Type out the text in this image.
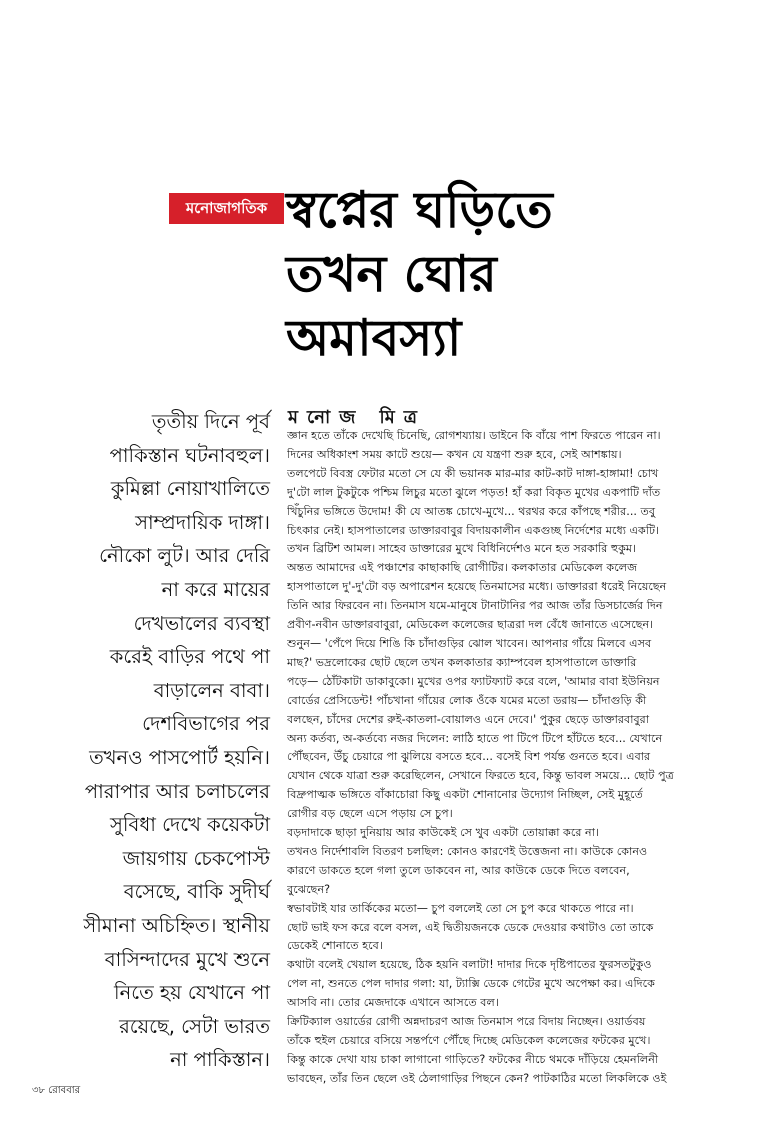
মনোজাগতিক স্বপ্নের ঘড়িতে
তখন ঘোর
অমাবস্যা
তৃতীয় দিনে পূর্ব
পাকিস্তান ঘটনাবহুল।
কুমিল্লা নোয়াখালিতে
সাম্প্রদায়িক দাঙ্গা।
নৌকো লুট। আর দেরি
না করে মায়ের
দেখভালের ব্যবস্থা
করেই বাড়ির পথে পা
বাড়ালেন বাবা।
দেশবিভাগের পর
তখনও পাসপোর্ট হয়নি।
পারাপার আর চলাচলের
সুবিধা দেখে কয়েকটা
জায়গায় চেকপোস্ট
বসেছে, বাকি সুদীর্ঘ
সীমানা অচিহ্নিত। স্থানীয়
বাসিন্দাদের মুখে শুনে
নিতে হয় যেখানে পা
রয়েছে, সেটা ভারত
না পাকিস্তান।
মনোজ মিত্র
জ্ঞান হতে তাঁকে দেখেছি চিনেছি, রোগশয্যায়। ডাইনে কি বাঁয়ে পাশ ফিরতে পারেন না।
দিনের অধিকাংশ সময় কাটে শুয়ে— কখন যে যন্ত্রণা শুরু হবে, সেই আশঙ্কায়।
তলপেটে বিবস্ত্র ফেটার মতো সে যে কী ভয়ানক মার-মার কাট-কাট দাঙ্গা-হাঙ্গামা! চোখ
দু'টো লাল টুকটুকে পশ্চিম লিচুর মতো ঝুলে পড়ত! হাঁ করা বিকৃত মুখের একপাটি দাঁত
খিঁচুনির ভঙ্গিতে উদোম! কী যে আতঙ্ক চোখে-মুখে... থরথর করে কাঁপছে শরীর... তবু
চিৎকার নেই। হাসপাতালের ডাক্তারবাবুর বিদায়কালীন একগুচ্ছ নির্দেশের মধ্যে একটি।
তখন ব্রিটিশ আমল। সাহেব ডাক্তারের মুখে বিধিনির্দেশও মনে হত সরকারি হুকুম।
অন্তত আমাদের এই পঞ্চাশের কাছাকাছি রোগীটির। কলকাতার মেডিকেল কলেজ
হাসপাতালে দু'-দু'টো বড় অপারেশন হয়েছে তিনমাসের মধ্যে। ডাক্তাররা ধরেই নিয়েছেন
তিনি আর ফিরবেন না। তিনমাস যমে-মানুষে টানাটানির পর আজ তাঁর ডিসচার্জের দিন
প্রবীণ-নবীন ডাক্তারবাবুরা, মেডিকেল কলেজের ছাত্ররা দল বেঁধে জানাতে এসেছেন।
শুনুন— 'পেঁপে দিয়ে শিঙি কি চাঁদাগুড়ির ঝোল খাবেন। আপনার গাঁয়ে মিলবে এসব
মাছ?' ভদ্রলোকের ছোট ছেলে তখন কলকাতার ক্যাম্পবেল হাসপাতালে ডাক্তারি
পড়ে— ঠোঁটকাটা ডাকাবুকো। মুখের ওপর ফ্যাটফ্যাট করে বলে, 'আমার বাবা ইউনিয়ন
বোর্ডের প্রেসিডেন্ট! পাঁচখানা গাঁয়ের লোক ওঁকে যমের মতো ডরায়— চাঁদাগুড়ি কী
বলছেন, চাঁদের দেশের রুই-কাতলা-বোয়ালও এনে দেবে।' পুকুর ছেড়ে ডাক্তারবাবুরা
অন্য কর্তব্য, অ-কর্তব্যে নজর দিলেন: লাঠি হাতে পা টিপে টিপে হাঁটতে হবে... যেখানে
পৌঁছবেন, উঁচু চেয়ারে পা ঝুলিয়ে বসতে হবে... বসেই বিশ পর্যন্ত গুনতে হবে। এবার
যেখান থেকে যাত্রা শুরু করেছিলেন, সেখানে ফিরতে হবে, কিন্তু ভাবল সময়ে... ছোট পুত্র
বিদ্রুপাত্মক ভঙ্গিতে বাঁকাচোরা কিছু একটা শোনানোর উদ্যোগ নিচ্ছিল, সেই মুহূর্তে
রোগীর বড় ছেলে এসে পড়ায় সে চুপ।
বড়দাদাকে ছাড়া দুনিয়ায় আর কাউকেই সে খুব একটা তোয়াক্কা করে না।
তখনও নির্দেশাবলি বিতরণ চলছিল: কোনও কারণেই উত্তেজনা না। কাউকে কোনও
কারণে ডাকতে হলে গলা তুলে ডাকবেন না, আর কাউকে ডেকে দিতে বলবেন,
বুঝেছেন?
স্বভাবটাই যার তার্কিকের মতো— চুপ বললেই তো সে চুপ করে থাকতে পারে না।
ছোট ভাই ফস করে বলে বসল, এই দ্বিতীয়জনকে ডেকে দেওয়ার কথাটাও তো তাকে
ডেকেই শোনাতে হবে।
কথাটা বলেই খেয়াল হয়েছে, ঠিক হয়নি বলাটা! দাদার দিকে দৃষ্টিপাতের ফুরসতটুকুও
পেল না, শুনতে পেল দাদার গলা: যা, ট্যাক্সি ডেকে গেটের মুখে অপেক্ষা কর। এদিকে
আসবি না। তোর মেজদাকে এখানে আসতে বল।
ক্রিটিক্যাল ওয়ার্ডের রোগী অন্নদাচরণ আজ তিনমাস পরে বিদায় নিচ্ছেন। ওয়ার্ডবয়
তাঁকে হুইল চেয়ারে বসিয়ে সন্তর্পণে পৌঁছে দিচ্ছে মেডিকেল কলেজের ফটকের মুখে।
কিন্তু কাকে দেখা যায় চাকা লাগানো গাড়িতে? ফটকের নীচে থমকে দাঁড়িয়ে হেমনলিনী
ভাবছেন, তাঁর তিন ছেলে ওই ঠেলাগাড়ির পিছনে কেন? পাটকাঠির মতো লিকলিকে ওই
৩৮ রোববার
